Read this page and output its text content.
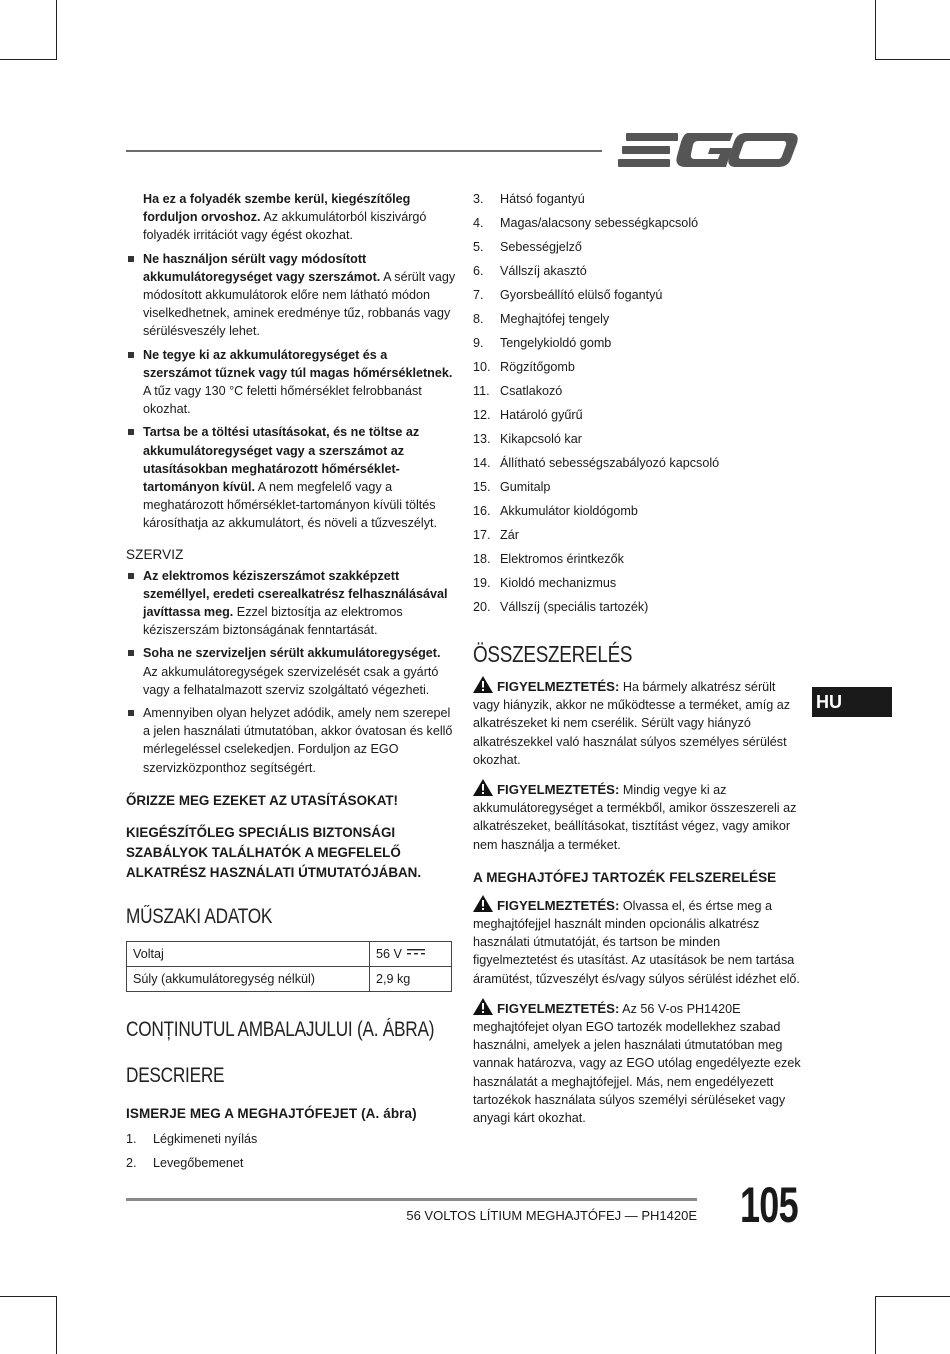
Ha ez a folyadék szembe kerül, kiegészítőleg forduljon orvoshoz. Az akkumulátorból kiszivárgó folyadék irritációt vagy égést okozhat.

Ne használjon sérült vagy módosított akkumulátoregységet vagy szerszámot. A sérült vagy módosított akkumulátorok előre nem látható módon viselkedhetnek, aminek eredménye tűz, robbanás vagy sérülésveszély lehet.

Ne tegye ki az akkumulátoregységet és a szerszámot tűznek vagy túl magas hőmérsékletnek. A tűz vagy 130 °C feletti hőmérséklet felrobbanást okozhat.

Tartsa be a töltési utasításokat, és ne töltse az akkumulátoregységet vagy a szerszámot az utasításokban meghatározott hőmérséklet-tartományon kívül. A nem megfelelő vagy a meghatározott hőmérséklet-tartományon kívüli töltés károsíthatja az akkumulátort, és növeli a tűzveszélyt.

SZERVIZ

Az elektromos kéziszerszámot szakképzett személlyel, eredeti cserealkatrész felhasználásával javíttassa meg. Ezzel biztosítja az elektromos kéziszerszám biztonságának fenntartását.

Soha ne szervizeljen sérült akkumulátoregységet. Az akkumulátoregységek szervizelését csak a gyártó vagy a felhatalmazott szerviz szolgáltató végezheti.

Amennyiben olyan helyzet adódik, amely nem szerepel a jelen használati útmutatóban, akkor óvatosan és kellő mérlegeléssel cselekedjen. Forduljon az EGO szervizközponthoz segítségért.

ŐRIZZE MEG EZEKET AZ UTASÍTÁSOKAT!
KIEGÉSZÍTŐLEG SPECIÁLIS BIZTONSÁGI SZABÁLYOK TALÁLHATÓK A MEGFELELŐ ALKATRÉSZ HASZNÁLATI ÚTMUTATÓJÁBAN.
MŰSZAKI ADATOK
Voltaj	56 V
Súly (akkumulátoregység nélkül)	2,9 kg
CONȚINUTUL AMBALAJULUI (A. ÁBRA)
DESCRIERE
ISMERJE MEG A MEGHAJTÓFEJET (A. ábra)
1.	Légkimeneti nyílás
2.	Levegőbemenet
3.	Hátsó fogantyú
4.	Magas/alacsony sebességkapcsoló
5.	Sebességjelző
6.	Vállszíj akasztó
7.	Gyorsbeállító elülső fogantyú
8.	Meghajtófej tengely
9.	Tengelykioldó gomb
10. Rögzítőgomb
11. Csatlakozó
12. Határoló gyűrű
13. Kikapcsoló kar
14. Állítható sebességszabályozó kapcsoló
15. Gumitalp
16. Akkumulátor kioldógomb
17. Zár
18. Elektromos érintkezők
19. Kioldó mechanizmus
20. Vállszíj (speciális tartozék)
ÖSSZESZERELÉS

FIGYELMEZTETÉS: Ha bármely alkatrész sérült vagy hiányzik, akkor ne működtesse a terméket, amíg az alkatrészeket ki nem cserélik. Sérült vagy hiányzó alkatrészekkel való használat súlyos személyes sérülést okozhat.

FIGYELMEZTETÉS: Mindig vegye ki az akkumulátoregységet a termékből, amikor összeszereli az alkatrészeket, beállításokat, tisztítást végez, vagy amikor nem használja a terméket.

A MEGHAJTÓFEJ TARTOZÉK FELSZERELÉSE

FIGYELMEZTETÉS: Olvassa el, és értse meg a meghajtófejjel használt minden opcionális alkatrész használati útmutatóját, és tartson be minden figyelmeztetést és utasítást. Az utasítások be nem tartása áramütést, tűzveszélyt és/vagy súlyos sérülést idézhet elő.

FIGYELMEZTETÉS: Az 56 V-os PH1420E meghajtófejet olyan EGO tartozék modellekhez szabad használni, amelyek a jelen használati útmutatóban meg vannak határozva, vagy az EGO utólag engedélyezte ezek használatát a meghajtófejjel. Más, nem engedélyezett tartozékok használata súlyos személyi sérüléseket vagy anyagi kárt okozhat.

HU
56 VOLTOS LÍTIUM MEGHAJTÓFEJ — PH1420E 105
